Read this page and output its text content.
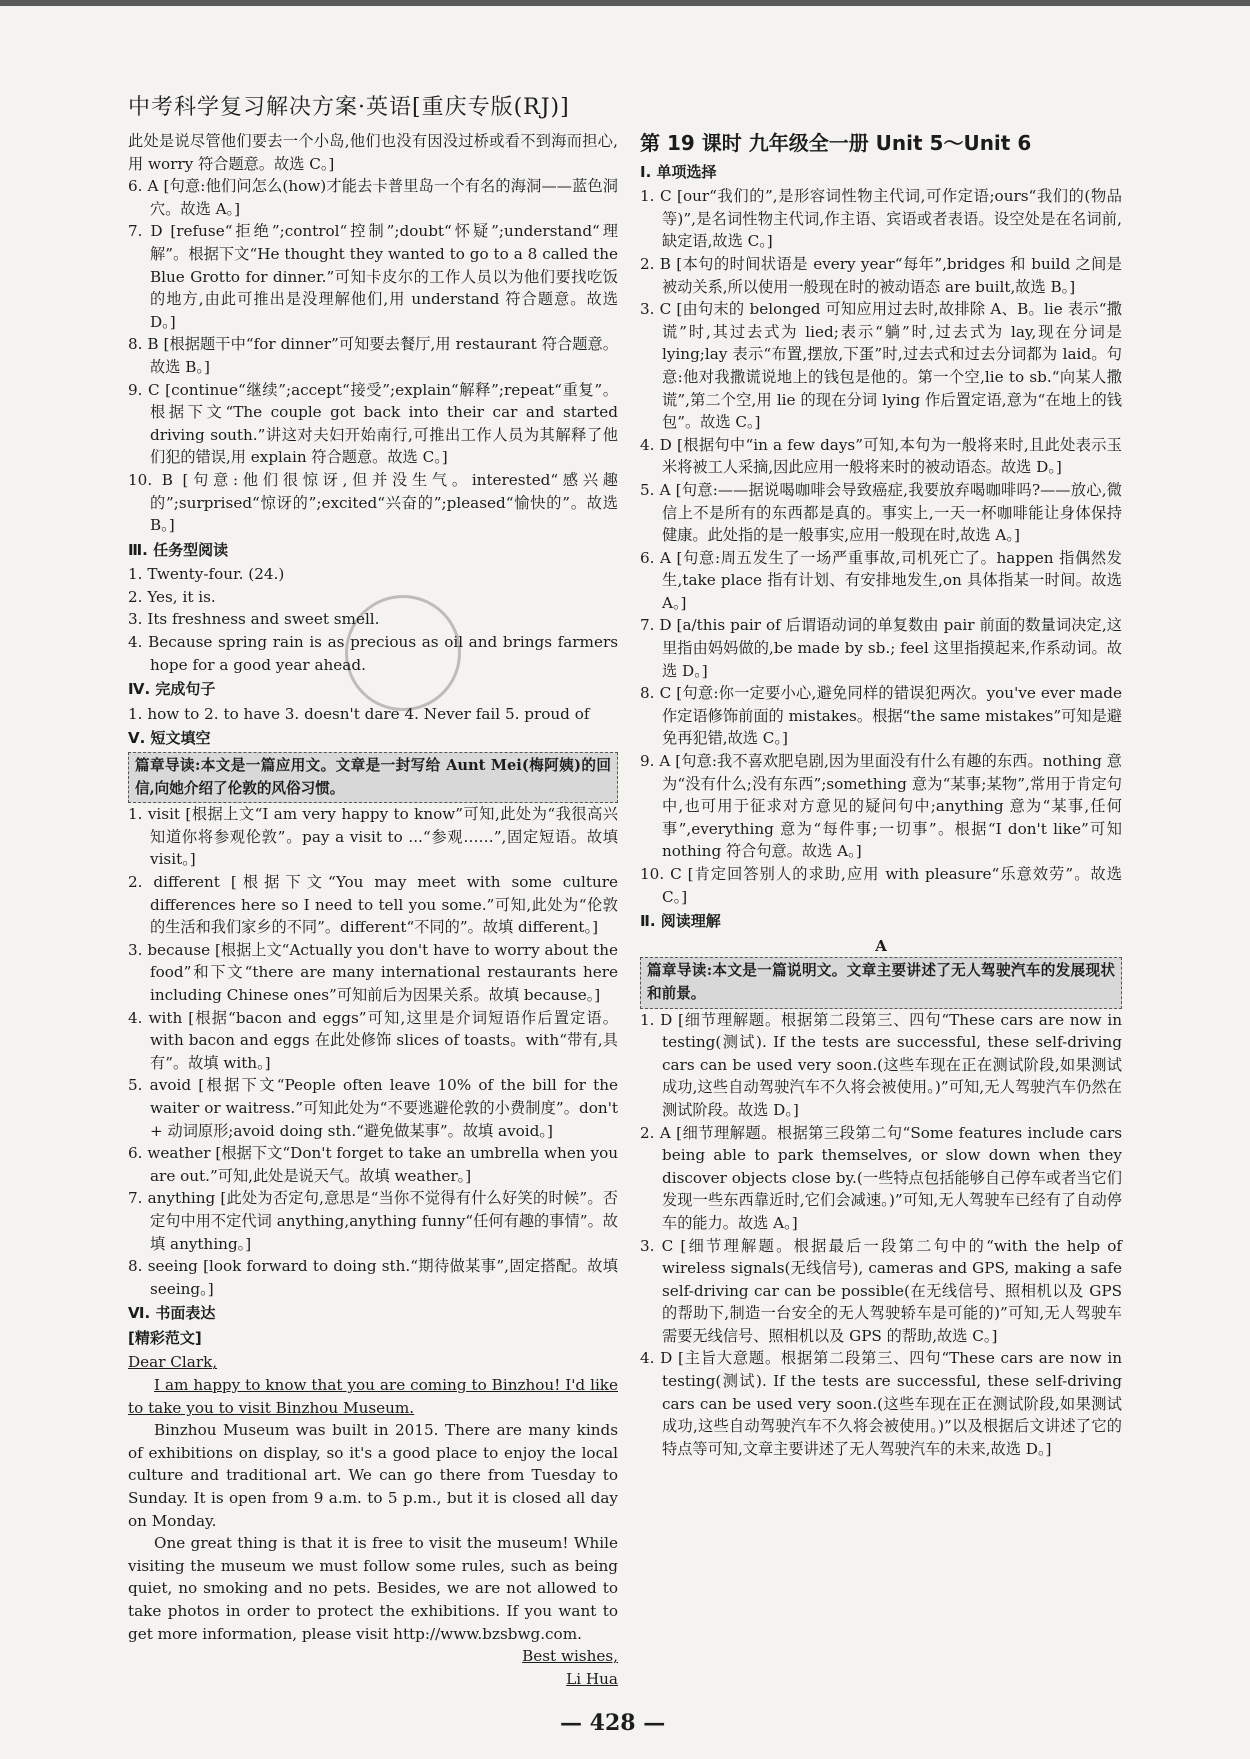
中考科学复习解决方案·英语[重庆专版(RJ)]

此处是说尽管他们要去一个小岛,他们也没有因没过桥或看不到海而担心,用 worry 符合题意。故选 C。]

6. A [句意:他们问怎么(how)才能去卡普里岛一个有名的海洞——蓝色洞穴。故选 A。]

7. D [refuse“拒绝”;control“控制”;doubt“怀疑”;understand“理解”。根据下文“He thought they wanted to go to a 8 called the Blue Grotto for dinner.”可知卡皮尔的工作人员以为他们要找吃饭的地方,由此可推出是没理解他们,用 understand 符合题意。故选 D。]

8. B [根据题干中“for dinner”可知要去餐厅,用 restaurant 符合题意。故选 B。]

9. C [continue“继续”;accept“接受”;explain“解释”;repeat“重复”。根据下文“The couple got back into their car and started driving south.”讲这对夫妇开始南行,可推出工作人员为其解释了他们犯的错误,用 explain 符合题意。故选 C。]

10. B [句意:他们很惊讶,但并没生气。interested“感兴趣的”;surprised“惊讶的”;excited“兴奋的”;pleased“愉快的”。故选 B。]

Ⅲ. 任务型阅读

1. Twenty-four. (24.)

2. Yes, it is.

3. Its freshness and sweet smell.

4. Because spring rain is as precious as oil and brings farmers hope for a good year ahead.

Ⅳ. 完成句子

1. how to 2. to have 3. doesn't dare 4. Never fail 5. proud of

Ⅴ. 短文填空

篇章导读:本文是一篇应用文。文章是一封写给 Aunt Mei(梅阿姨)的回信,向她介绍了伦敦的风俗习惯。

1. visit [根据上文“I am very happy to know”可知,此处为“我很高兴知道你将参观伦敦”。pay a visit to ...“参观……”,固定短语。故填 visit。]

2. different [根据下文“You may meet with some culture differences here so I need to tell you some.”可知,此处为“伦敦的生活和我们家乡的不同”。different“不同的”。故填 different。]

3. because [根据上文“Actually you don't have to worry about the food”和下文“there are many international restaurants here including Chinese ones”可知前后为因果关系。故填 because。]

4. with [根据“bacon and eggs”可知,这里是介词短语作后置定语。with bacon and eggs 在此处修饰 slices of toasts。with“带有,具有”。故填 with。]

5. avoid [根据下文“People often leave 10% of the bill for the waiter or waitress.”可知此处为“不要逃避伦敦的小费制度”。don't + 动词原形;avoid doing sth.“避免做某事”。故填 avoid。]

6. weather [根据下文“Don't forget to take an umbrella when you are out.”可知,此处是说天气。故填 weather。]

7. anything [此处为否定句,意思是“当你不觉得有什么好笑的时候”。否定句中用不定代词 anything,anything funny“任何有趣的事情”。故填 anything。]

8. seeing [look forward to doing sth.“期待做某事”,固定搭配。故填 seeing。]

Ⅵ. 书面表达

[精彩范文]

Dear Clark,

I am happy to know that you are coming to Binzhou! I'd like to take you to visit Binzhou Museum.

Binzhou Museum was built in 2015. There are many kinds of exhibitions on display, so it's a good place to enjoy the local culture and traditional art. We can go there from Tuesday to Sunday. It is open from 9 a.m. to 5 p.m., but it is closed all day on Monday.

One great thing is that it is free to visit the museum! While visiting the museum we must follow some rules, such as being quiet, no smoking and no pets. Besides, we are not allowed to take photos in order to protect the exhibitions. If you want to get more information, please visit http://www.bzsbwg.com.

Best wishes,

Li Hua

第 19 课时 九年级全一册 Unit 5～Unit 6

Ⅰ. 单项选择

1. C [our“我们的”,是形容词性物主代词,可作定语;ours“我们的(物品等)”,是名词性物主代词,作主语、宾语或者表语。设空处是在名词前,缺定语,故选 C。]

2. B [本句的时间状语是 every year“每年”,bridges 和 build 之间是被动关系,所以使用一般现在时的被动语态 are built,故选 B。]

3. C [由句末的 belonged 可知应用过去时,故排除 A、B。lie 表示“撒谎”时,其过去式为 lied;表示“躺”时,过去式为 lay,现在分词是 lying;lay 表示“布置,摆放,下蛋”时,过去式和过去分词都为 laid。句意:他对我撒谎说地上的钱包是他的。第一个空,lie to sb.“向某人撒谎”,第二个空,用 lie 的现在分词 lying 作后置定语,意为“在地上的钱包”。故选 C。]

4. D [根据句中“in a few days”可知,本句为一般将来时,且此处表示玉米将被工人采摘,因此应用一般将来时的被动语态。故选 D。]

5. A [句意:——据说喝咖啡会导致癌症,我要放弃喝咖啡吗?——放心,微信上不是所有的东西都是真的。事实上,一天一杯咖啡能让身体保持健康。此处指的是一般事实,应用一般现在时,故选 A。]

6. A [句意:周五发生了一场严重事故,司机死亡了。happen 指偶然发生,take place 指有计划、有安排地发生,on 具体指某一时间。故选 A。]

7. D [a/this pair of 后谓语动词的单复数由 pair 前面的数量词决定,这里指由妈妈做的,be made by sb.; feel 这里指摸起来,作系动词。故选 D。]

8. C [句意:你一定要小心,避免同样的错误犯两次。you've ever made 作定语修饰前面的 mistakes。根据“the same mistakes”可知是避免再犯错,故选 C。]

9. A [句意:我不喜欢肥皂剧,因为里面没有什么有趣的东西。nothing 意为“没有什么;没有东西”;something 意为“某事;某物”,常用于肯定句中,也可用于征求对方意见的疑问句中;anything 意为“某事,任何事”,everything 意为“每件事;一切事”。根据“I don't like”可知 nothing 符合句意。故选 A。]

10. C [肯定回答别人的求助,应用 with pleasure“乐意效劳”。故选 C。]

Ⅱ. 阅读理解

A

篇章导读:本文是一篇说明文。文章主要讲述了无人驾驶汽车的发展现状和前景。

1. D [细节理解题。根据第二段第三、四句“These cars are now in testing(测试). If the tests are successful, these self-driving cars can be used very soon.(这些车现在正在测试阶段,如果测试成功,这些自动驾驶汽车不久将会被使用。)”可知,无人驾驶汽车仍然在测试阶段。故选 D。]

2. A [细节理解题。根据第三段第二句“Some features include cars being able to park themselves, or slow down when they discover objects close by.(一些特点包括能够自己停车或者当它们发现一些东西靠近时,它们会减速。)”可知,无人驾驶车已经有了自动停车的能力。故选 A。]

3. C [细节理解题。根据最后一段第二句中的“with the help of wireless signals(无线信号), cameras and GPS, making a safe self-driving car can be possible(在无线信号、照相机以及 GPS 的帮助下,制造一台安全的无人驾驶轿车是可能的)”可知,无人驾驶车需要无线信号、照相机以及 GPS 的帮助,故选 C。]

4. D [主旨大意题。根据第二段第三、四句“These cars are now in testing(测试). If the tests are successful, these self-driving cars can be used very soon.(这些车现在正在测试阶段,如果测试成功,这些自动驾驶汽车不久将会被使用。)”以及根据后文讲述了它的特点等可知,文章主要讲述了无人驾驶汽车的未来,故选 D。]

— 428 —
